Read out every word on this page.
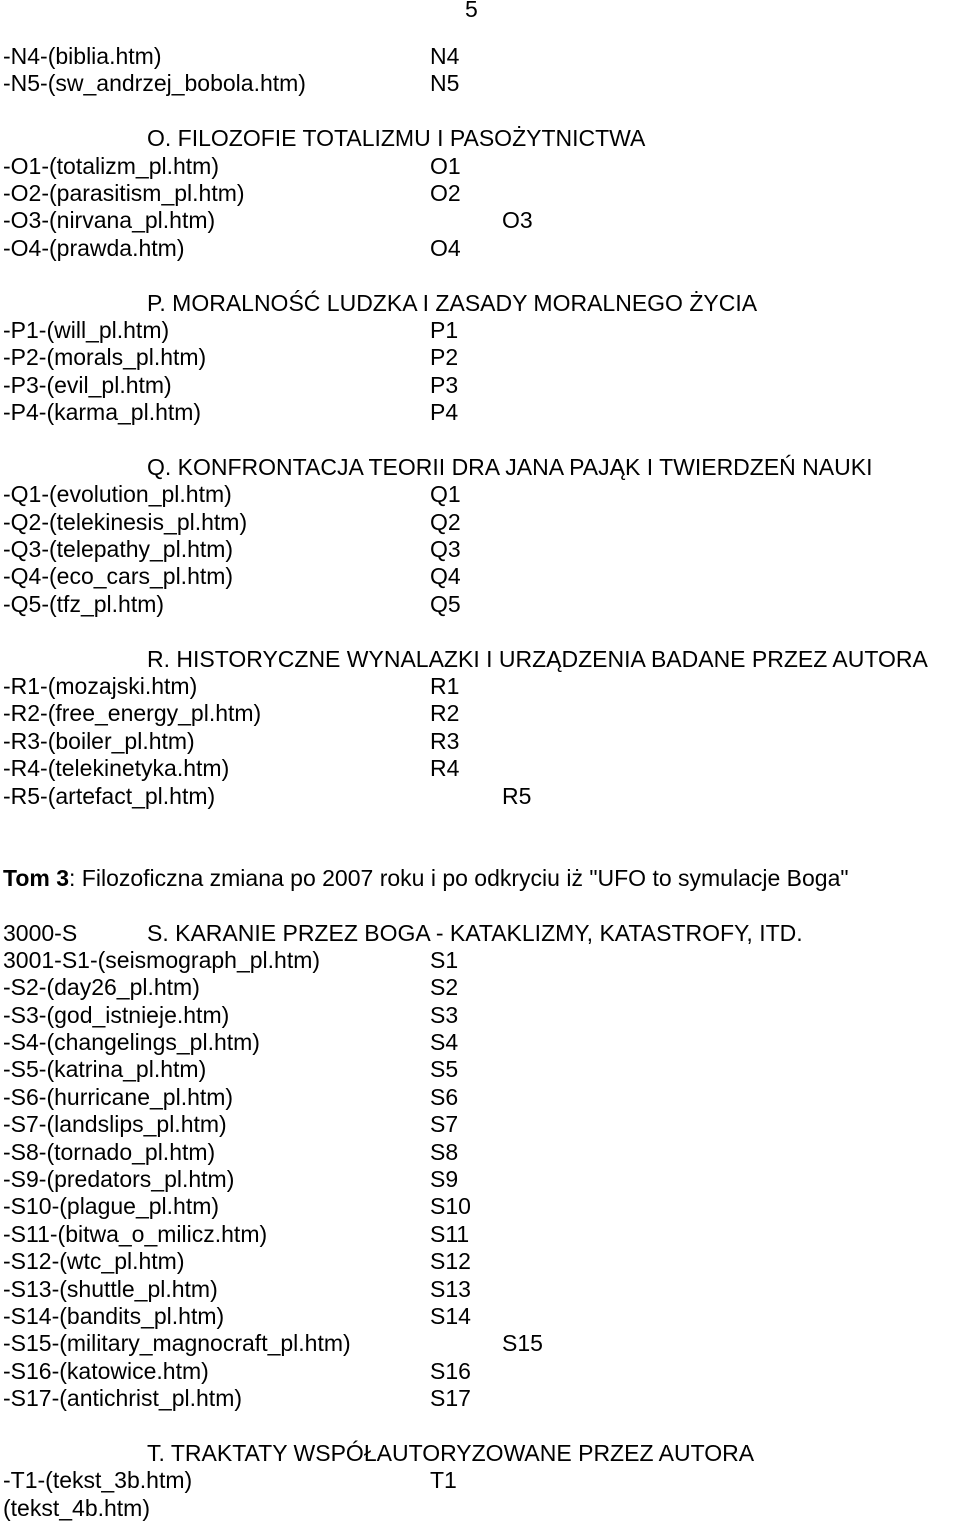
5
-N4-(biblia.htm)	N4
-N5-(sw_andrzej_bobola.htm)	N5
O. FILOZOFIE TOTALIZMU I PASOŻYTNICTWA
-O1-(totalizm_pl.htm)	O1
-O2-(parasitism_pl.htm)	O2
-O3-(nirvana_pl.htm)	O3
-O4-(prawda.htm)	O4
P. MORALNOŚĆ LUDZKA I ZASADY MORALNEGO ŻYCIA
-P1-(will_pl.htm)	P1
-P2-(morals_pl.htm)	P2
-P3-(evil_pl.htm)	P3
-P4-(karma_pl.htm)	P4
Q. KONFRONTACJA TEORII DRA JANA PAJĄK I TWIERDZEŃ NAUKI
-Q1-(evolution_pl.htm)	Q1
-Q2-(telekinesis_pl.htm)	Q2
-Q3-(telepathy_pl.htm)	Q3
-Q4-(eco_cars_pl.htm)	Q4
-Q5-(tfz_pl.htm)	Q5
R. HISTORYCZNE WYNALAZKI I URZĄDZENIA BADANE PRZEZ AUTORA
-R1-(mozajski.htm)	R1
-R2-(free_energy_pl.htm)	R2
-R3-(boiler_pl.htm)	R3
-R4-(telekinetyka.htm)	R4
-R5-(artefact_pl.htm)	R5
Tom 3: Filozoficzna zmiana po 2007 roku i po odkryciu iż "UFO to symulacje Boga"
3000-S	S. KARANIE PRZEZ BOGA - KATAKLIZMY, KATASTROFY, ITD.
3001-S1-(seismograph_pl.htm)	S1
-S2-(day26_pl.htm)	S2
-S3-(god_istnieje.htm)	S3
-S4-(changelings_pl.htm)	S4
-S5-(katrina_pl.htm)	S5
-S6-(hurricane_pl.htm)	S6
-S7-(landslips_pl.htm)	S7
-S8-(tornado_pl.htm)	S8
-S9-(predators_pl.htm)	S9
-S10-(plague_pl.htm)	S10
-S11-(bitwa_o_milicz.htm)	S11
-S12-(wtc_pl.htm)	S12
-S13-(shuttle_pl.htm)	S13
-S14-(bandits_pl.htm)	S14
-S15-(military_magnocraft_pl.htm)	S15
-S16-(katowice.htm)	S16
-S17-(antichrist_pl.htm)	S17
T. TRAKTATY WSPÓŁAUTORYZOWANE PRZEZ AUTORA
-T1-(tekst_3b.htm)	T1
(tekst_4b.htm)
